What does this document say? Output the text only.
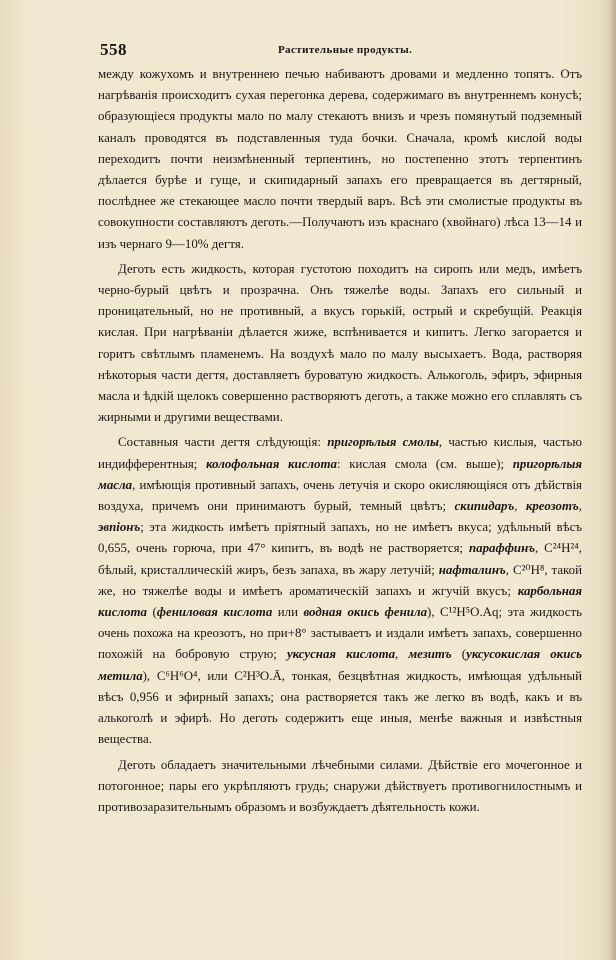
558	Растительные продукты.

между кожухомъ и внутреннею печью набиваютъ дровами и медленно топятъ. Отъ нагрѣванія происходитъ сухая перегонка дерева, содержимаго въ внутреннемъ конусѣ; образующіеся продукты мало по малу стекаютъ внизъ и чрезъ помянутый подземный каналъ проводятся въ подставленныя туда бочки. Сначала, кромѣ кислой воды переходитъ почти неизмѣненный терпентинъ, но постепенно этотъ терпентинъ дѣлается бурѣе и гуще, и скипидарный запахъ его превращается въ дегтярный, послѣднее же стекающее масло почти твердый варъ. Всѣ эти смолистые продукты въ совокупности составляютъ деготь.—Получаютъ изъ краснаго (хвойнаго) лѣса 13—14 и изъ чернаго 9—10% дегтя.

Деготь есть жидкость, которая густотою походитъ на сиропъ или медъ, имѣетъ черно-бурый цвѣтъ и прозрачна. Онъ тяжелѣе воды. Запахъ его сильный и проницательный, но не противный, а вкусъ горькій, острый и скребущій. Реакція кислая. При нагрѣваніи дѣлается жиже, вспѣнивается и кипитъ. Легко загорается и горитъ свѣтлымъ пламенемъ. На воздухѣ мало по малу высыхаетъ. Вода, растворяя нѣкоторыя части дегтя, доставляетъ буроватую жидкость. Алькоголь, эфиръ, эфирныя масла и ѣдкій щелокъ совершенно растворяютъ деготь, а также можно его сплавлять съ жирными и другими веществами.

Составныя части дегтя слѣдующія: пригорѣлыя смолы, частью кислыя, частью индифферентныя; колофольная кислота: кислая смола (см. выше); пригорѣлыя масла, имѣющія противный запахъ, очень летучія и скоро окисляющіяся отъ дѣйствія воздуха, причемъ они принимаютъ бурый, темный цвѣтъ; скипидаръ, креозотъ, эвпіонъ; эта жидкость имѣетъ пріятный запахъ, но не имѣетъ вкуса; удѣльный вѣсъ 0,655, очень горюча, при 47° кипитъ, въ водѣ не растворяется; параффинъ, C²⁴H²⁴, бѣлый, кристаллическій жиръ, безъ запаха, въ жару летучій; нафталинъ, C²⁰H⁸, такой же, но тяжелѣе воды и имѣетъ ароматическій запахъ и жгучій вкусъ; карбольная кислота (фениловая кислота или водная окись фенила), C¹²H⁵O.Aq; эта жидкость очень похожа на креозотъ, но при+8° застываетъ и издали имѣетъ запахъ, совершенно похожій на бобровую струю; уксусная кислота, мезитъ (уксусокислая окись метила), C⁶H⁶O⁴, или C²H³O.Ā, тонкая, безцвѣтная жидкость, имѣющая удѣльный вѣсъ 0,956 и эфирный запахъ; она растворяется такъ же легко въ водѣ, какъ и въ алькоголѣ и эфирѣ. Но деготь содержитъ еще иныя, менѣе важныя и извѣстныя вещества.

Деготь обладаетъ значительными лѣчебными силами. Дѣйствіе его мочегонное и потогонное; пары его укрѣпляютъ грудь; снаружи дѣйствуетъ противогнилостнымъ и противозаразительнымъ образомъ и возбуждаетъ дѣятельность кожи.
